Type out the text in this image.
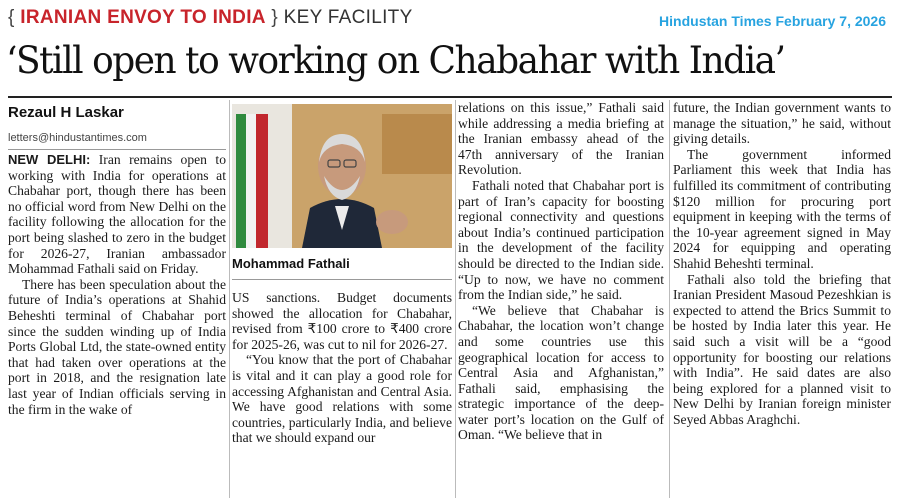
{ IRANIAN ENVOY TO INDIA } KEY FACILITY	Hindustan Times February 7, 2026
‘Still open to working on Chabahar with India’
Rezaul H Laskar
letters@hindustantimes.com

NEW DELHI: Iran remains open to working with India for operations at Chabahar port, though there has been no official word from New Delhi on the facility following the allocation for the port being slashed to zero in the budget for 2026-27, Iranian ambassador Mohammad Fathali said on Friday.

There has been speculation about the future of India’s operations at Shahid Beheshti terminal of Chabahar port since the sudden winding up of India Ports Global Ltd, the state-owned entity that had taken over operations at the port in 2018, and the resignation late last year of Indian officials serving in the firm in the wake of

Mohammad Fathali

US sanctions. Budget documents showed the allocation for Chabahar, revised from ₹100 crore to ₹400 crore for 2025-26, was cut to nil for 2026-27.

“You know that the port of Chabahar is vital and it can play a good role for accessing Afghanistan and Central Asia. We have good relations with some countries, particularly India, and believe that we should expand our

relations on this issue,” Fathali said while addressing a media briefing at the Iranian embassy ahead of the 47th anniversary of the Iranian Revolution.

Fathali noted that Chabahar port is part of Iran’s capacity for boosting regional connectivity and questions about India’s continued participation in the development of the facility should be directed to the Indian side. “Up to now, we have no comment from the Indian side,” he said.

“We believe that Chabahar is Chabahar, the location won’t change and some countries use this geographical location for access to Central Asia and Afghanistan,” Fathali said, emphasising the strategic importance of the deep-water port’s location on the Gulf of Oman. “We believe that in

future, the Indian government wants to manage the situation,” he said, without giving details.

The government informed Parliament this week that India has fulfilled its commitment of contributing $120 million for procuring port equipment in keeping with the terms of the 10-year agreement signed in May 2024 for equipping and operating Shahid Beheshti terminal.

Fathali also told the briefing that Iranian President Masoud Pezeshkian is expected to attend the Brics Summit to be hosted by India later this year. He said such a visit will be a “good opportunity for boosting our relations with India”. He said dates are also being explored for a planned visit to New Delhi by Iranian foreign minister Seyed Abbas Araghchi.
